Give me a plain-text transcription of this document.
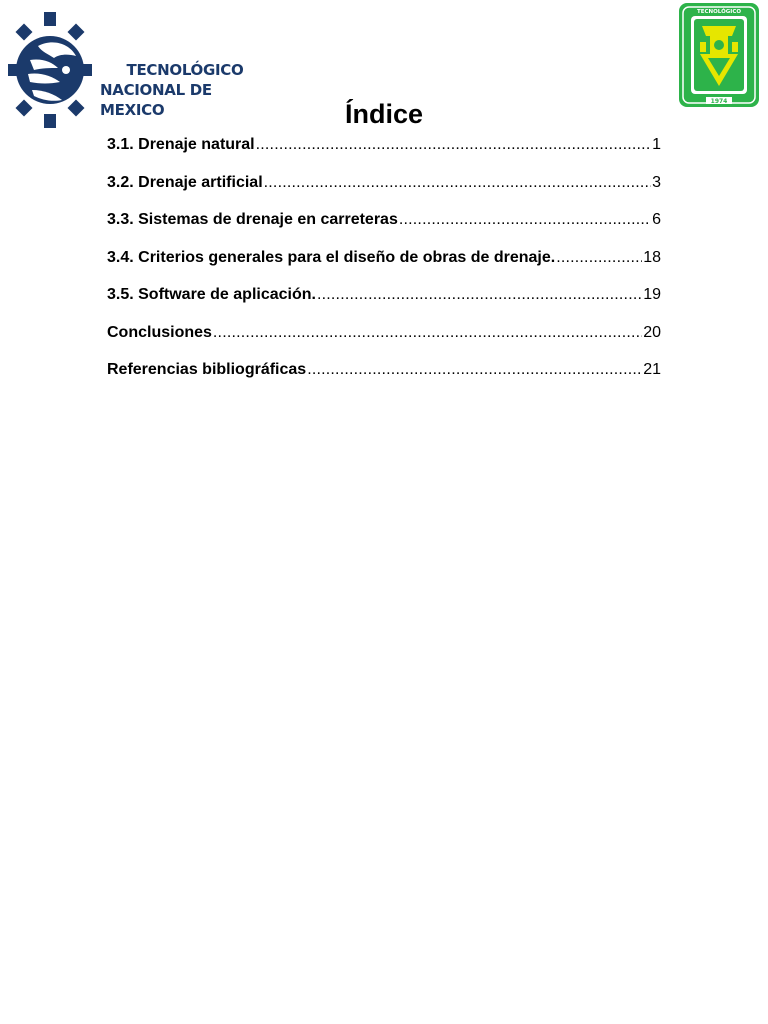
TECNOLÓGICO
NACIONAL DE MEXICO	1974
TECNOLÓGICO
Índice
3.1. Drenaje natural .....	1
3.2. Drenaje artificial .....	3
3.3. Sistemas de drenaje en carreteras .....	6
3.4. Criterios generales para el diseño de obras de drenaje. .....	18
3.5. Software de aplicación. .....	19
Conclusiones .....	20
Referencias bibliográficas .....	21
